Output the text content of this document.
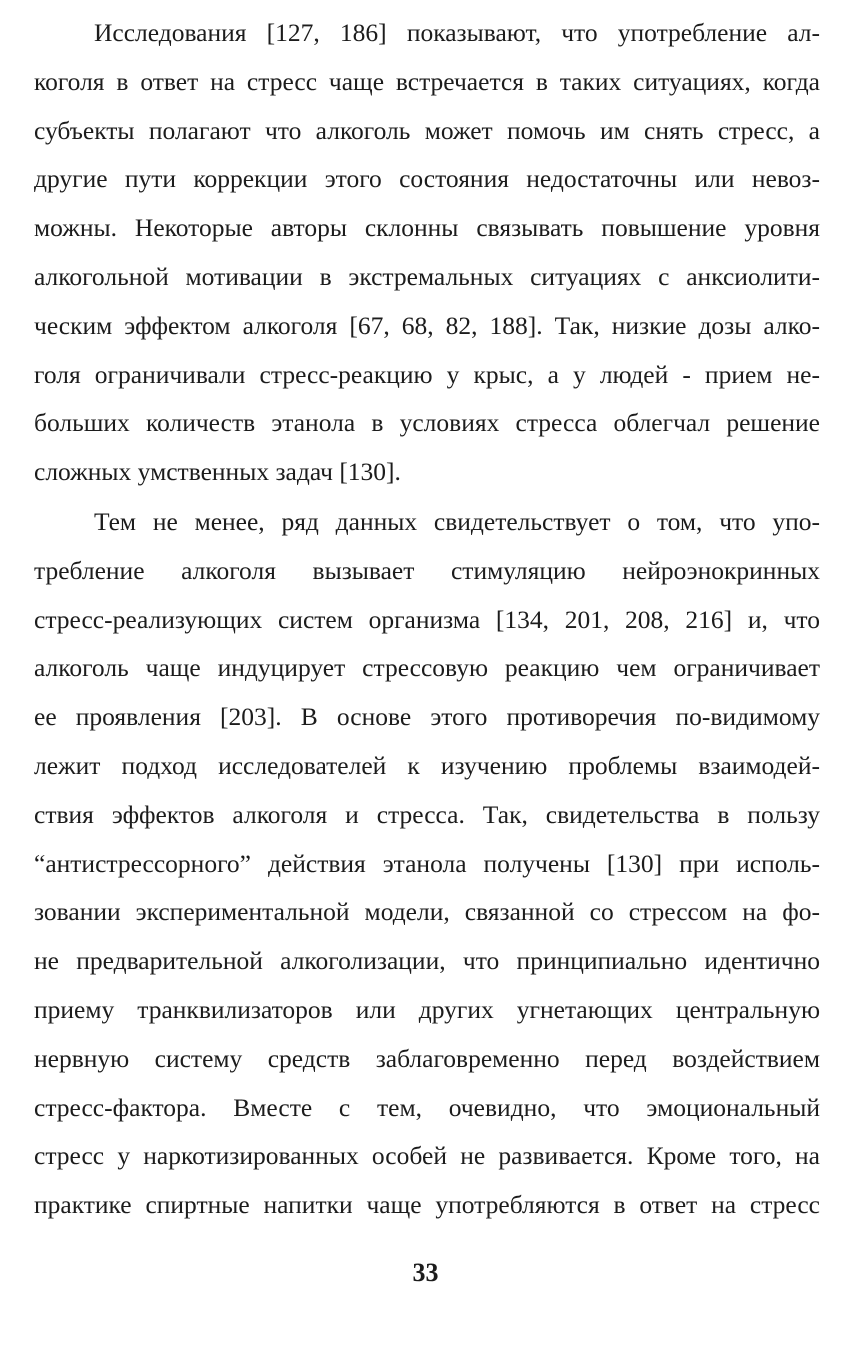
Исследования [127, 186] показывают, что употребление ал-
коголя в ответ на стресс чаще встречается в таких ситуациях, когда
субъекты полагают что алкоголь может помочь им снять стресс, а
другие пути коррекции этого состояния недостаточны или невоз-
можны. Некоторые авторы склонны связывать повышение уровня
алкогольной мотивации в экстремальных ситуациях с анксиолити-
ческим эффектом алкоголя [67, 68, 82, 188]. Так, низкие дозы алко-
голя ограничивали стресс-реакцию у крыс, а у людей - прием не-
больших количеств этанола в условиях стресса облегчал решение
сложных умственных задач [130].
Тем не менее, ряд данных свидетельствует о том, что упо-
требление алкоголя вызывает стимуляцию нейроэнокринных
стресс-реализующих систем организма [134, 201, 208, 216] и, что
алкоголь чаще индуцирует стрессовую реакцию чем ограничивает
ее проявления [203]. В основе этого противоречия по-видимому
лежит подход исследователей к изучению проблемы взаимодей-
ствия эффектов алкоголя и стресса. Так, свидетельства в пользу
“антистрессорного” действия этанола получены [130] при исполь-
зовании экспериментальной модели, связанной со стрессом на фо-
не предварительной алкоголизации, что принципиально идентично
приему транквилизаторов или других угнетающих центральную
нервную систему средств заблаговременно перед воздействием
стресс-фактора. Вместе с тем, очевидно, что эмоциональный
стресс у наркотизированных особей не развивается. Кроме того, на
практике спиртные напитки чаще употребляются в ответ на стресс
33
